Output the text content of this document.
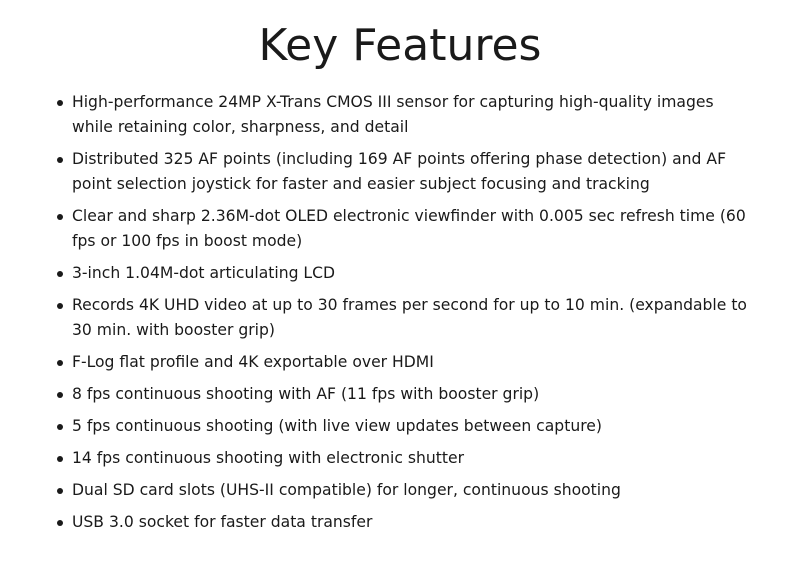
Key Features
High-performance 24MP X-Trans CMOS III sensor for capturing high-quality images while retaining color, sharpness, and detail
Distributed 325 AF points (including 169 AF points offering phase detection) and AF point selection joystick for faster and easier subject focusing and tracking
Clear and sharp 2.36M-dot OLED electronic viewfinder with 0.005 sec refresh time (60 fps or 100 fps in boost mode)
3-inch 1.04M-dot articulating LCD
Records 4K UHD video at up to 30 frames per second for up to 10 min. (expandable to 30 min. with booster grip)
F-Log flat profile and 4K exportable over HDMI
8 fps continuous shooting with AF (11 fps with booster grip)
5 fps continuous shooting (with live view updates between capture)
14 fps continuous shooting with electronic shutter
Dual SD card slots (UHS-II compatible) for longer, continuous shooting
USB 3.0 socket for faster data transfer
